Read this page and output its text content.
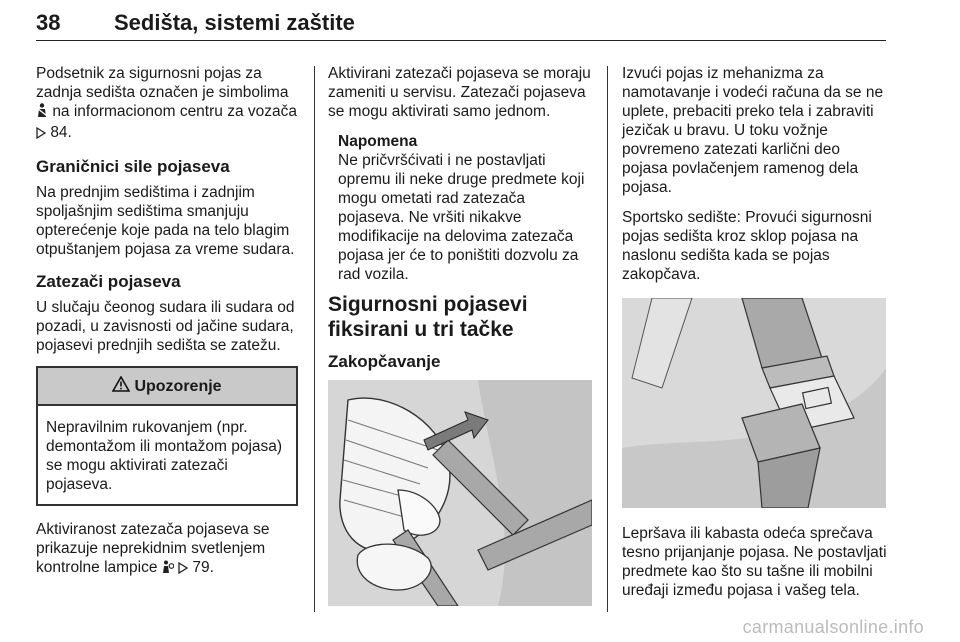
38 Sedišta, sistemi zaštite

Podsetnik za sigurnosni pojas za zadnja sedišta označen je simbolima  na informacionom centru za vozača  84.

Graničnici sile pojaseva

Na prednjim sedištima i zadnjim spoljašnjim sedištima smanjuju opterećenje koje pada na telo blagim otpuštanjem pojasa za vreme sudara.

Zatezači pojaseva

U slučaju čeonog sudara ili sudara od pozadi, u zavisnosti od jačine sudara, pojasevi prednjih sedišta se zatežu.

Upozorenje
Nepravilnim rukovanjem (npr. demontažom ili montažom pojasa) se mogu aktivirati zatezači pojaseva.

Aktiviranost zatezača pojaseva se prikazuje neprekidnim svetlenjem kontrolne lampice 79.

Aktivirani zatezači pojaseva se moraju zameniti u servisu. Zatezači pojaseva se mogu aktivirati samo jednom.

Napomena
Ne pričvršćivati i ne postavljati opremu ili neke druge predmete koji mogu ometati rad zatezača pojaseva. Ne vršiti nikakve modifikacije na delovima zatezača pojasa jer će to poništiti dozvolu za rad vozila.
Sigurnosni pojasevi fiksirani u tri tačke
Zakopčavanje

Izvući pojas iz mehanizma za namotavanje i vodeći računa da se ne uplete, prebaciti preko tela i zabraviti jezičak u bravu. U toku vožnje povremeno zatezati karlični deo pojasa povlačenjem ramenog dela pojasa.

Sportsko sedište: Provući sigurnosni pojas sedišta kroz sklop pojasa na naslonu sedišta kada se pojas zakopčava.

Lepršava ili kabasta odeća sprečava tesno prijanjanje pojasa. Ne postavljati predmete kao što su tašne ili mobilni uređaji između pojasa i vašeg tela.

carmanualsonline.info
